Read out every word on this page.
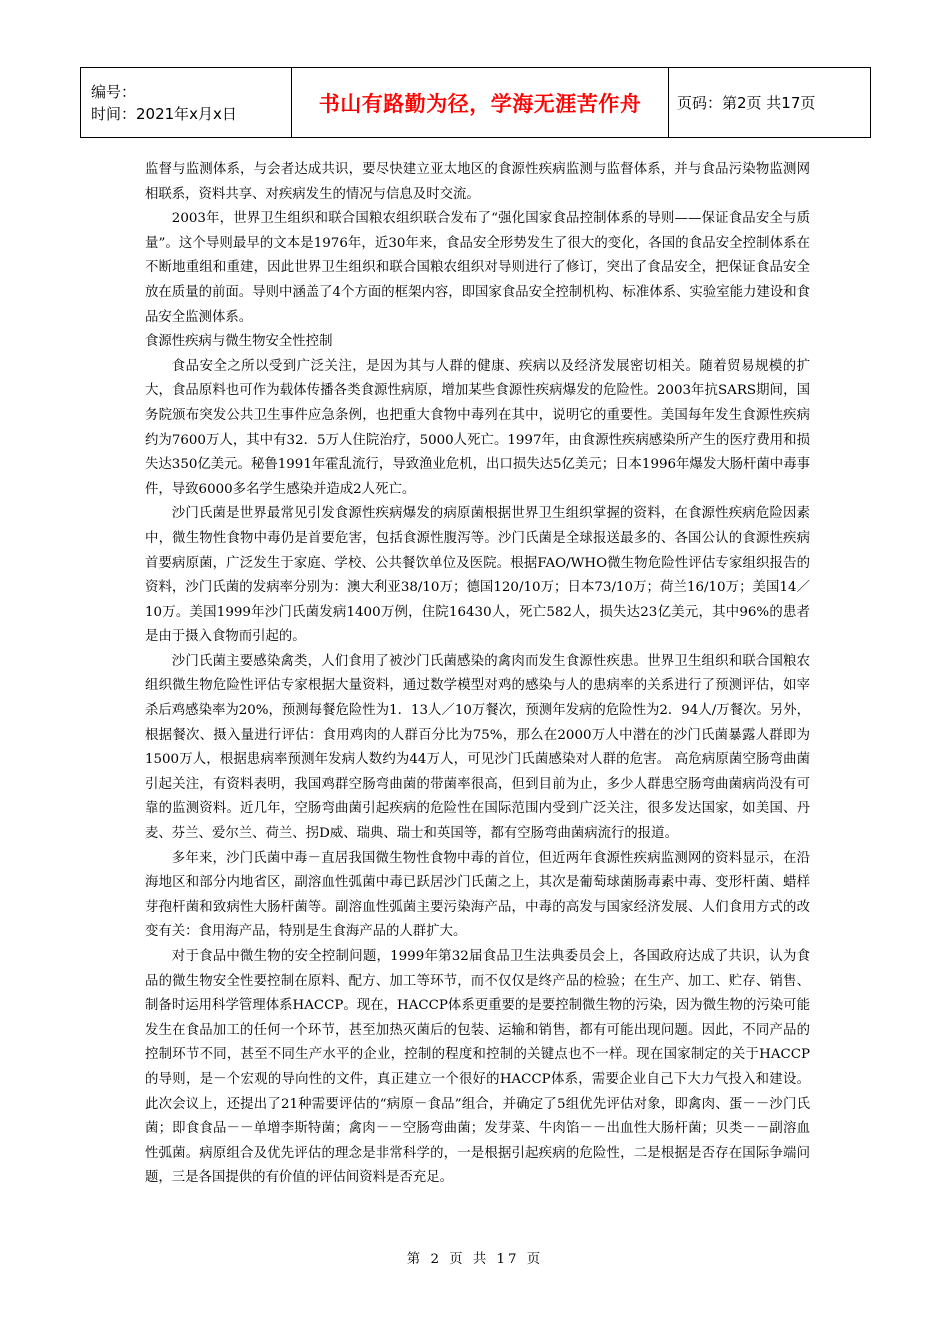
编号：
时间：2021年x月x日	书山有路勤为径，学海无涯苦作舟	页码：第2页 共17页

监督与监测体系，与会者达成共识，要尽快建立亚太地区的食源性疾病监测与监督体系，并与食品污染物监测网相联系，资料共享、对疾病发生的情况与信息及时交流。

2003年，世界卫生组织和联合国粮农组织联合发布了“强化国家食品控制体系的导则——保证食品安全与质量”。这个导则最早的文本是1976年，近30年来，食品安全形势发生了很大的变化，各国的食品安全控制体系在不断地重组和重建，因此世界卫生组织和联合国粮农组织对导则进行了修订，突出了食品安全，把保证食品安全放在质量的前面。导则中涵盖了4个方面的框架内容，即国家食品安全控制机构、标准体系、实验室能力建设和食品安全监测体系。

食源性疾病与微生物安全性控制

食品安全之所以受到广泛关注，是因为其与人群的健康、疾病以及经济发展密切相关。随着贸易规模的扩大，食品原料也可作为载体传播各类食源性病原，增加某些食源性疾病爆发的危险性。2003年抗SARS期间，国务院颁布突发公共卫生事件应急条例，也把重大食物中毒列在其中，说明它的重要性。美国每年发生食源性疾病约为7600万人，其中有32．5万人住院治疗，5000人死亡。1997年，由食源性疾病感染所产生的医疗费用和损失达350亿美元。秘鲁1991年霍乱流行，导致渔业危机，出口损失达5亿美元；日本1996年爆发大肠杆菌中毒事件，导致6000多名学生感染并造成2人死亡。

沙门氏菌是世界最常见引发食源性疾病爆发的病原菌根据世界卫生组织掌握的资料，在食源性疾病危险因素中，微生物性食物中毒仍是首要危害，包括食源性腹泻等。沙门氏菌是全球报送最多的、各国公认的食源性疾病首要病原菌，广泛发生于家庭、学校、公共餐饮单位及医院。根据FAO/WHO微生物危险性评估专家组织报告的资料，沙门氏菌的发病率分别为：澳大利亚38/10万；德国120/10万；日本73/10万；荷兰16/10万；美国14／10万。美国1999年沙门氏菌发病1400万例，住院16430人，死亡582人，损失达23亿美元，其中96%的患者是由于摄入食物而引起的。

沙门氏菌主要感染禽类，人们食用了被沙门氏菌感染的禽肉而发生食源性疾患。世界卫生组织和联合国粮农组织微生物危险性评估专家根据大量资料，通过数学模型对鸡的感染与人的患病率的关系进行了预测评估，如宰杀后鸡感染率为20%，预测每餐危险性为1．13人／10万餐次，预测年发病的危险性为2．94人/万餐次。另外，根据餐次、摄入量进行评估：食用鸡肉的人群百分比为75%，那么在2000万人中潜在的沙门氏菌暴露人群即为1500万人，根据患病率预测年发病人数约为44万人，可见沙门氏菌感染对人群的危害。 高危病原菌空肠弯曲菌引起关注，有资料表明，我国鸡群空肠弯曲菌的带菌率很高，但到目前为止，多少人群患空肠弯曲菌病尚没有可靠的监测资料。近几年，空肠弯曲菌引起疾病的危险性在国际范围内受到广泛关注，很多发达国家，如美国、丹麦、芬兰、爱尔兰、荷兰、拐D威、瑞典、瑞士和英国等，都有空肠弯曲菌病流行的报道。

多年来，沙门氏菌中毒－直居我国微生物性食物中毒的首位，但近两年食源性疾病监测网的资料显示，在沿海地区和部分内地省区，副溶血性弧菌中毒已跃居沙门氏菌之上，其次是葡萄球菌肠毒素中毒、变形杆菌、蜡样芽孢杆菌和致病性大肠杆菌等。副溶血性弧菌主要污染海产品，中毒的高发与国家经济发展、人们食用方式的改变有关：食用海产品，特别是生食海产品的人群扩大。

对于食品中微生物的安全控制问题，1999年第32届食品卫生法典委员会上，各国政府达成了共识，认为食品的微生物安全性要控制在原料、配方、加工等环节，而不仅仅是终产品的检验；在生产、加工、贮存、销售、制备时运用科学管理体系HACCP。现在，HACCP体系更重要的是要控制微生物的污染，因为微生物的污染可能发生在食品加工的任何一个环节，甚至加热灭菌后的包装、运输和销售，都有可能出现问题。因此，不同产品的控制环节不同，甚至不同生产水平的企业，控制的程度和控制的关键点也不一样。现在国家制定的关于HACCP的导则，是－个宏观的导向性的文件，真正建立一个很好的HACCP体系，需要企业自己下大力气投入和建设。此次会议上，还提出了21种需要评估的“病原－食品”组合，并确定了5组优先评估对象，即禽肉、蛋－－沙门氏菌；即食食品－－单增李斯特菌；禽肉－－空肠弯曲菌；发芽菜、牛肉馅－－出血性大肠杆菌；贝类－－副溶血性弧菌。病原组合及优先评估的理念是非常科学的，一是根据引起疾病的危险性，二是根据是否存在国际争端问题，三是各国提供的有价值的评估间资料是否充足。

第 2 页 共 17 页
